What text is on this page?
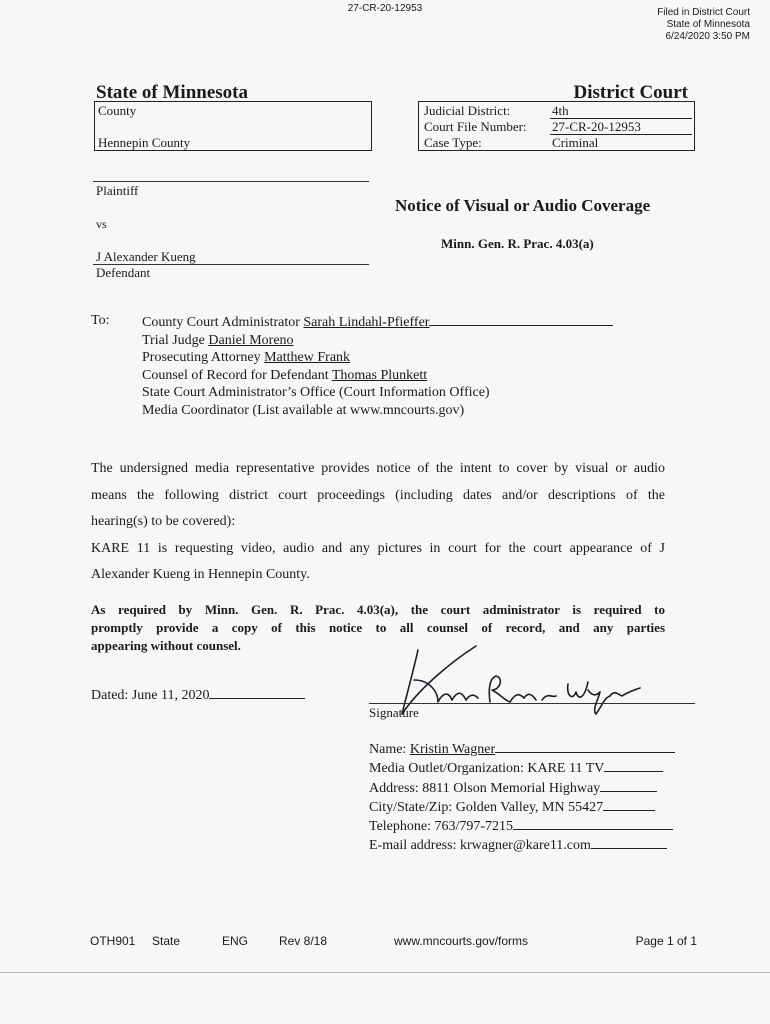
27-CR-20-12953	Filed in District Court
State of Minnesota
6/24/2020 3:50 PM
State of Minnesota	District Court
County
Hennepin County
Judicial District:	4th
Court File Number: 27-CR-20-12953
Case Type:	Criminal
Plaintiff
vs
J Alexander Kueng
Defendant
Notice of Visual or Audio Coverage
Minn. Gen. R. Prac. 4.03(a)
To: County Court Administrator Sarah Lindahl-Pfieffer
Trial Judge Daniel Moreno
Prosecuting Attorney Matthew Frank
Counsel of Record for Defendant Thomas Plunkett
State Court Administrator’s Office (Court Information Office)
Media Coordinator (List available at www.mncourts.gov)
The undersigned media representative provides notice of the intent to cover by visual or audio
means the following district court proceedings (including dates and/or descriptions of the
hearing(s) to be covered):
KARE 11 is requesting video, audio and any pictures in court for the court appearance of J
Alexander Kueng in Hennepin County.
As required by Minn. Gen. R. Prac. 4.03(a), the court administrator is required to
promptly provide a copy of this notice to all counsel of record, and any parties
appearing without counsel.
Dated: June 11, 2020
Signature
Name: Kristin Wagner
Media Outlet/Organization: KARE 11 TV
Address: 8811 Olson Memorial Highway
City/State/Zip: Golden Valley, MN 55427
Telephone: 763/797-7215
E-mail address: krwagner@kare11.com
OTH901 State	ENG	Rev 8/18	www.mncourts.gov/forms	Page 1 of 1
